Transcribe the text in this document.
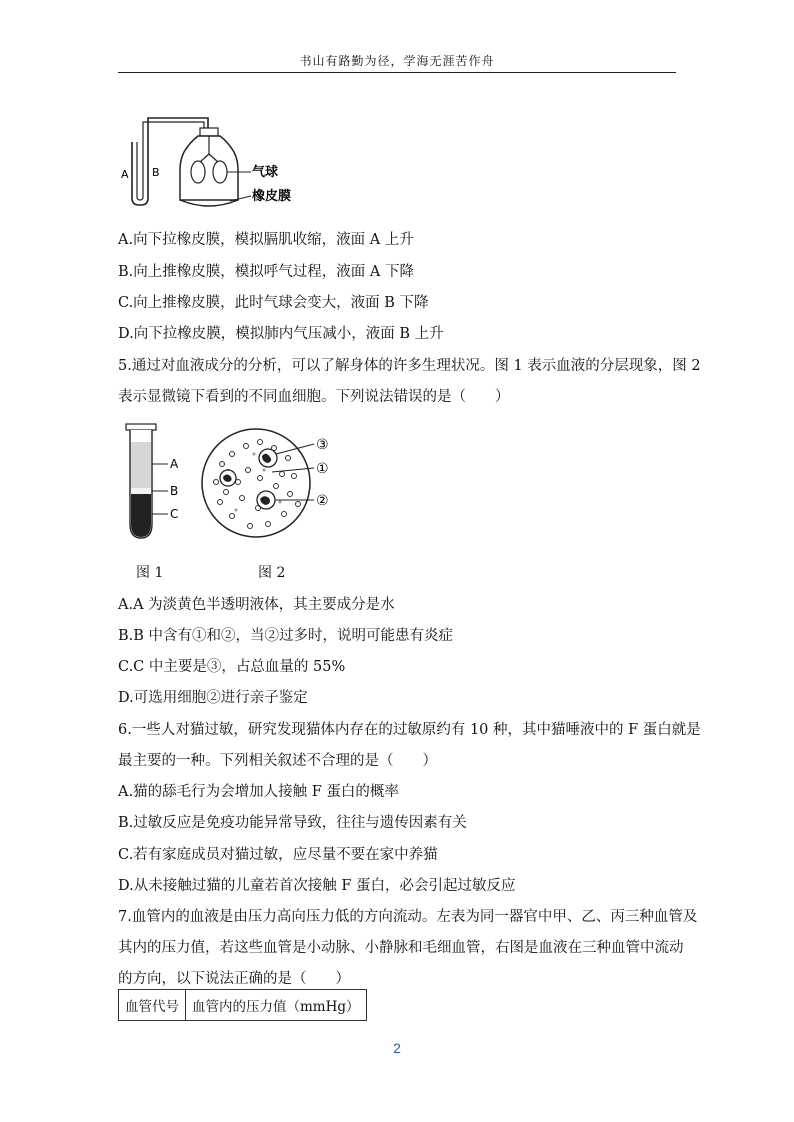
书山有路勤为径，学海无涯苦作舟
A B	气球
橡皮膜
A.向下拉橡皮膜，模拟膈肌收缩，液面 A 上升
B.向上推橡皮膜，模拟呼气过程，液面 A 下降
C.向上推橡皮膜，此时气球会变大，液面 B 下降
D.向下拉橡皮膜，模拟肺内气压减小，液面 B 上升
5.通过对血液成分的分析，可以了解身体的许多生理状况。图 1 表示血液的分层现象，图 2
表示显微镜下看到的不同血细胞。下列说法错误的是（　　）
A
B
C
③
①
②
图 1	图 2
A.A 为淡黄色半透明液体，其主要成分是水
B.B 中含有①和②，当②过多时，说明可能患有炎症
C.C 中主要是③，占总血量的 55%
D.可选用细胞②进行亲子鉴定
6.一些人对猫过敏，研究发现猫体内存在的过敏原约有 10 种，其中猫唾液中的 F 蛋白就是
最主要的一种。下列相关叙述不合理的是（　　）
A.猫的舔毛行为会增加人接触 F 蛋白的概率
B.过敏反应是免疫功能异常导致，往往与遗传因素有关
C.若有家庭成员对猫过敏，应尽量不要在家中养猫
D.从未接触过猫的儿童若首次接触 F 蛋白，必会引起过敏反应
7.血管内的血液是由压力高向压力低的方向流动。左表为同一器官中甲、乙、丙三种血管及
其内的压力值，若这些血管是小动脉、小静脉和毛细血管，右图是血液在三种血管中流动
的方向，以下说法正确的是（　　）
血管代号	血管内的压力值（mmHg）
2
